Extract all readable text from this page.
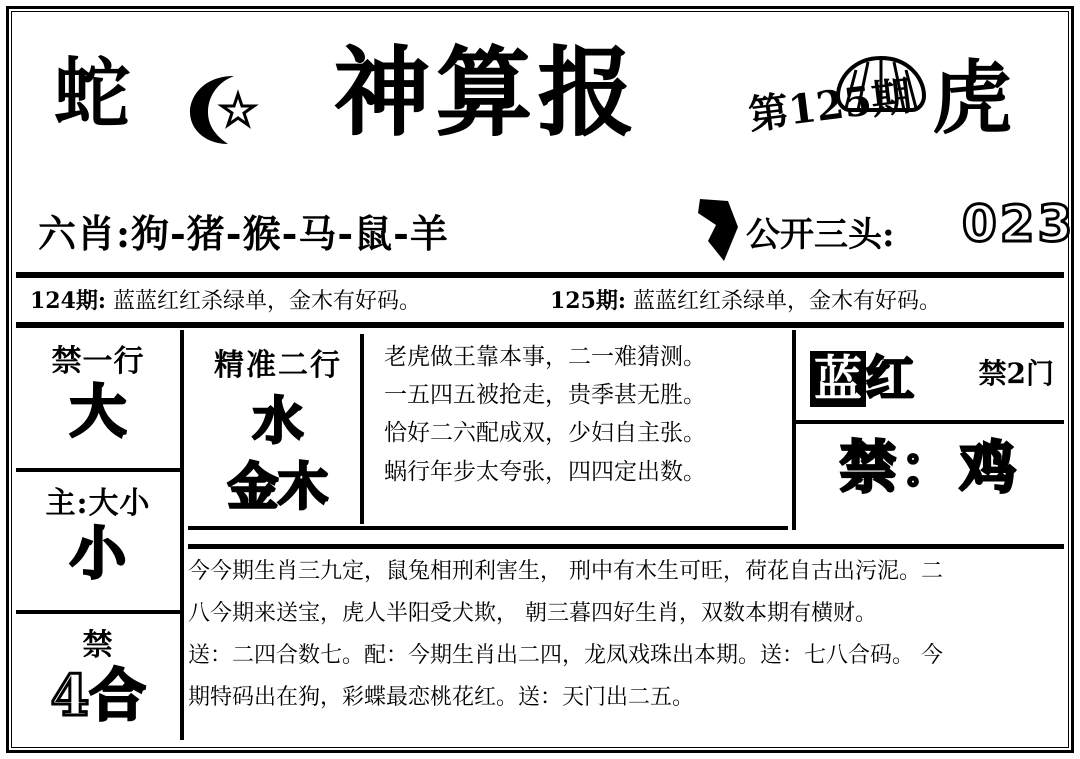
蛇 神算报	第125期 虎
六肖:狗-猪-猴-马-鼠-羊	公开三头: 023
124期: 蓝蓝红红杀绿单，金木有好码。	125期: 蓝蓝红红杀绿单，金木有好码。
禁一行
大
主:大小
小
禁
4合
精准二行
水
金木
老虎做王靠本事，二一难猜测。
一五四五被抢走，贵季甚无胜。
恰好二六配成双，少妇自主张。
蜗行年步太夸张，四四定出数。
蓝红 禁2门
禁：鸡

今今期生肖三九定，鼠兔相刑利害生， 刑中有木生可旺，荷花自古出污泥。二

八今期来送宝，虎人半阳受犬欺， 朝三暮四好生肖，双数本期有横财。

送：二四合数七。配：今期生肖出二四，龙凤戏珠出本期。送：七八合码。 今

期特码出在狗，彩蝶最恋桃花红。送：天门出二五。
